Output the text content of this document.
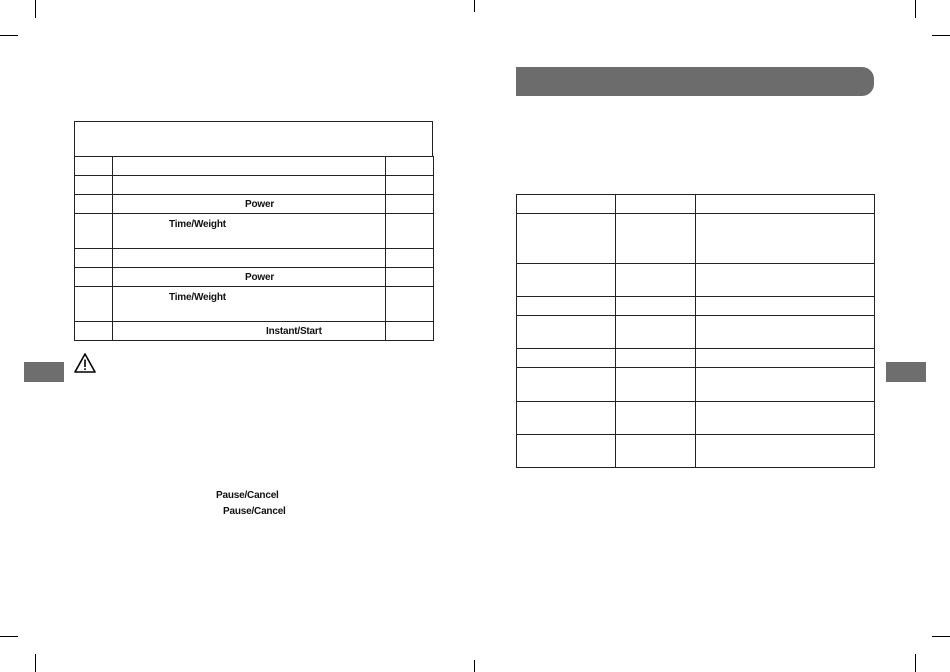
	Power	
	Time/Weight	

	Power	
	Time/Weight	
	Instant/Start	
Pause/Cancel
Pause/Cancel
